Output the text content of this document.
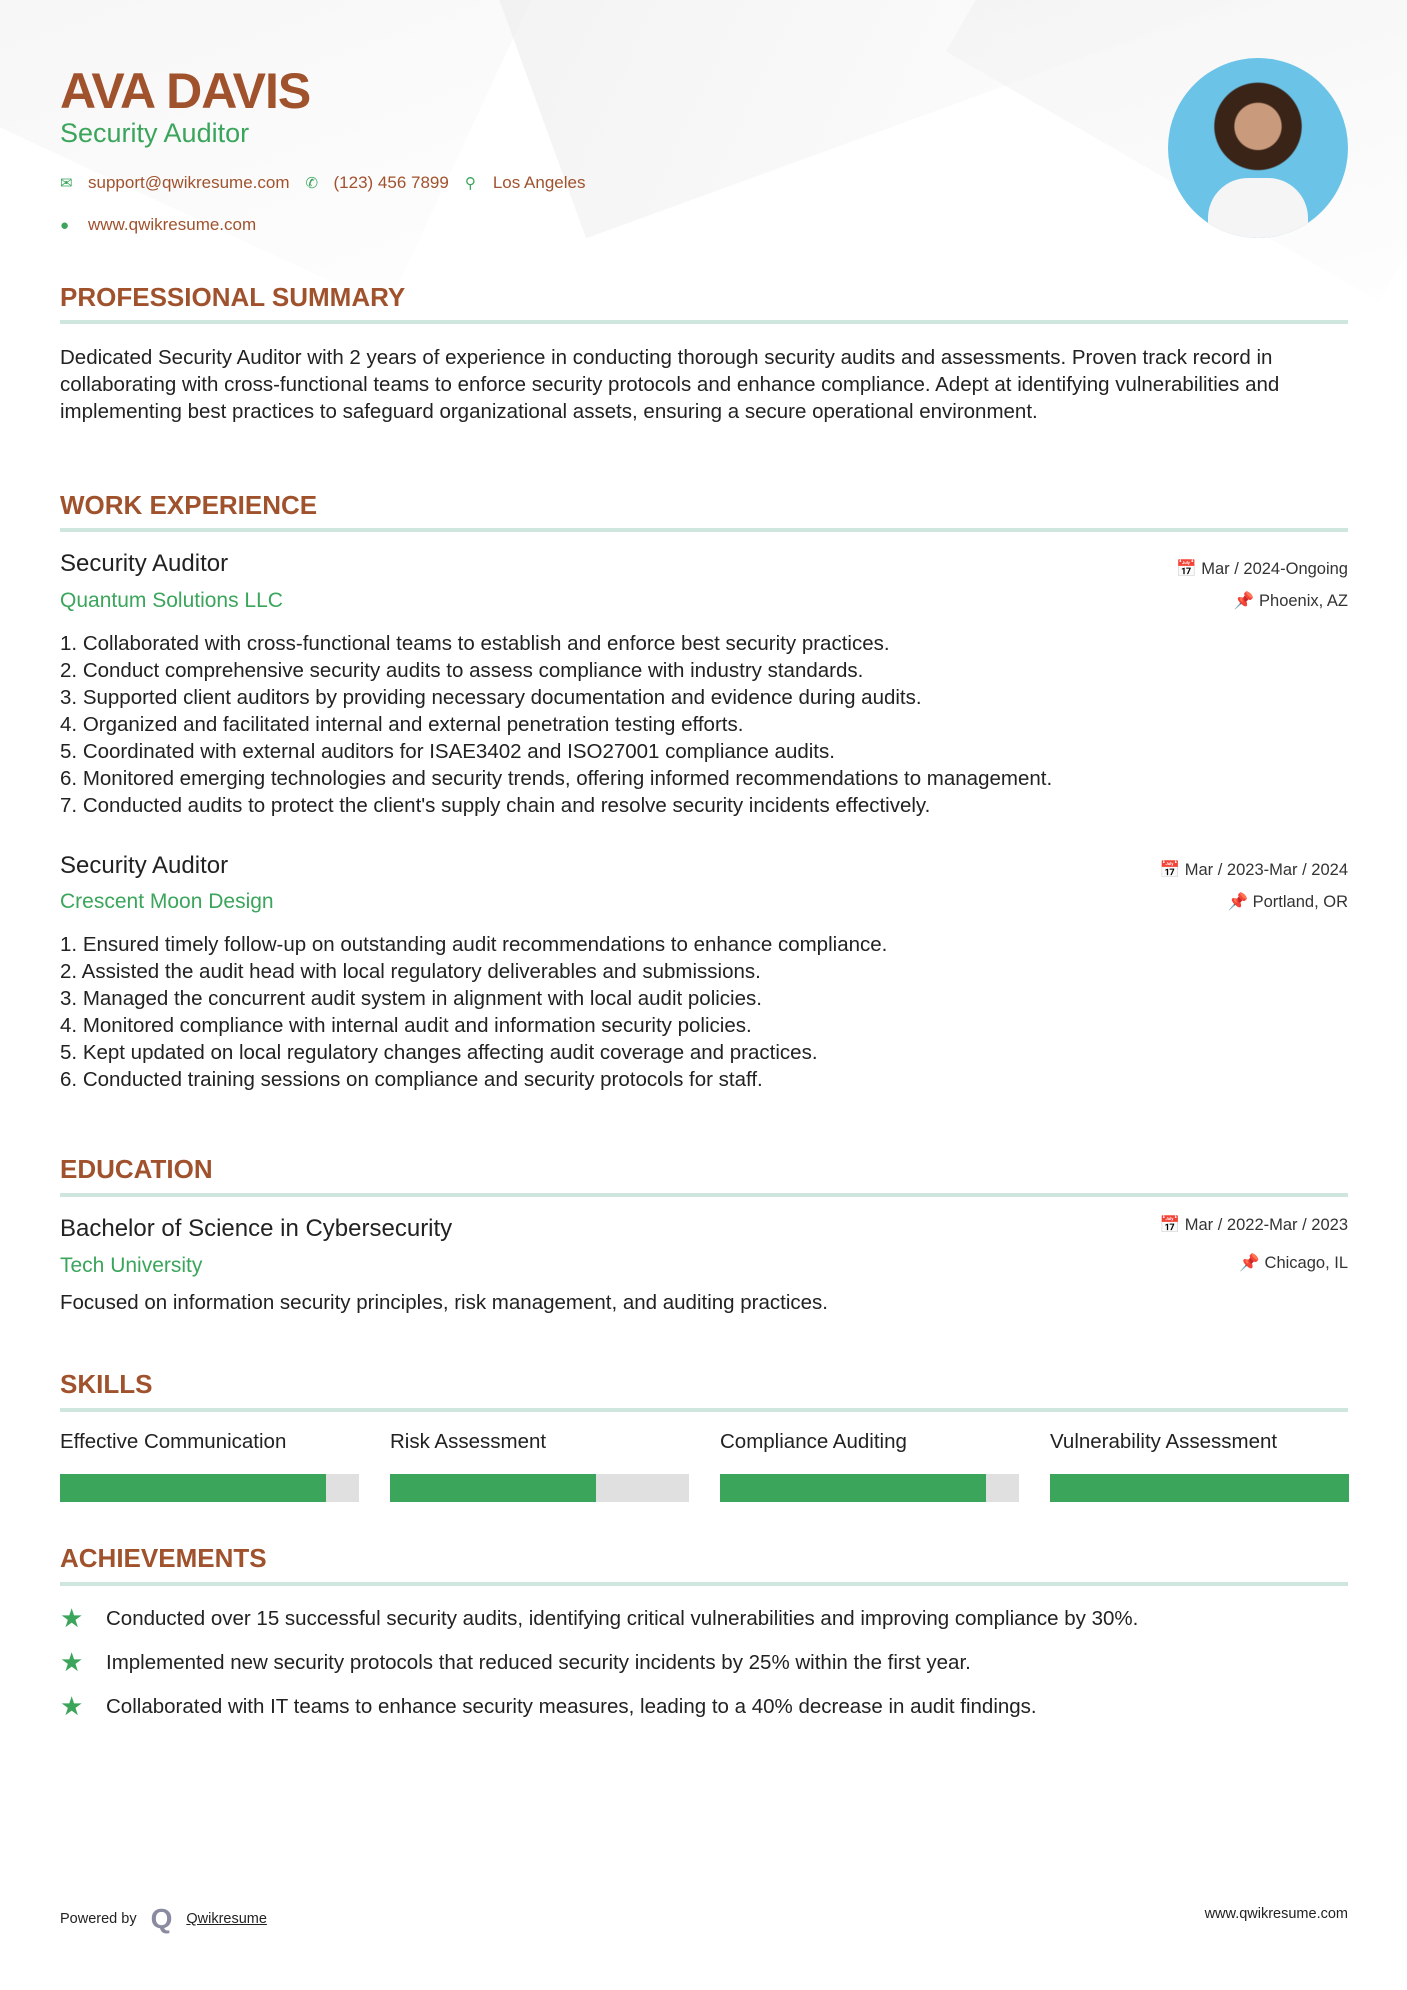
AVA DAVIS
Security Auditor
✉ support@qwikresume.com ✆ (123) 456 7899 ⚲	Los Angeles
●	www.qwikresume.com
PROFESSIONAL SUMMARY
Dedicated Security Auditor with 2 years of experience in conducting thorough security audits and assessments. Proven track record in collaborating with cross-functional teams to enforce security protocols and enhance compliance. Adept at identifying vulnerabilities and implementing best practices to safeguard organizational assets, ensuring a secure operational environment.
WORK EXPERIENCE
Security Auditor
Quantum Solutions LLC
📅 Mar / 2024-Ongoing
📌 Phoenix, AZ
Collaborated with cross-functional teams to establish and enforce best security practices.
Conduct comprehensive security audits to assess compliance with industry standards.
Supported client auditors by providing necessary documentation and evidence during audits.
Organized and facilitated internal and external penetration testing efforts.
Coordinated with external auditors for ISAE3402 and ISO27001 compliance audits.
Monitored emerging technologies and security trends, offering informed recommendations to management.
Conducted audits to protect the client's supply chain and resolve security incidents effectively.
Security Auditor
Crescent Moon Design
📅 Mar / 2023-Mar / 2024
📌 Portland, OR
Ensured timely follow-up on outstanding audit recommendations to enhance compliance.
Assisted the audit head with local regulatory deliverables and submissions.
Managed the concurrent audit system in alignment with local audit policies.
Monitored compliance with internal audit and information security policies.
Kept updated on local regulatory changes affecting audit coverage and practices.
Conducted training sessions on compliance and security protocols for staff.
EDUCATION
Bachelor of Science in Cybersecurity
Tech University
📅 Mar / 2022-Mar / 2023
📌 Chicago, IL
Focused on information security principles, risk management, and auditing practices.
SKILLS
Effective Communication	Risk Assessment	Compliance Auditing	Vulnerability Assessment
ACHIEVEMENTS
★	Conducted over 15 successful security audits, identifying critical vulnerabilities and improving compliance by 30%.
★	Implemented new security protocols that reduced security incidents by 25% within the first year.
★	Collaborated with IT teams to enhance security measures, leading to a 40% decrease in audit findings.
Powered by Q Qwikresume	www.qwikresume.com
